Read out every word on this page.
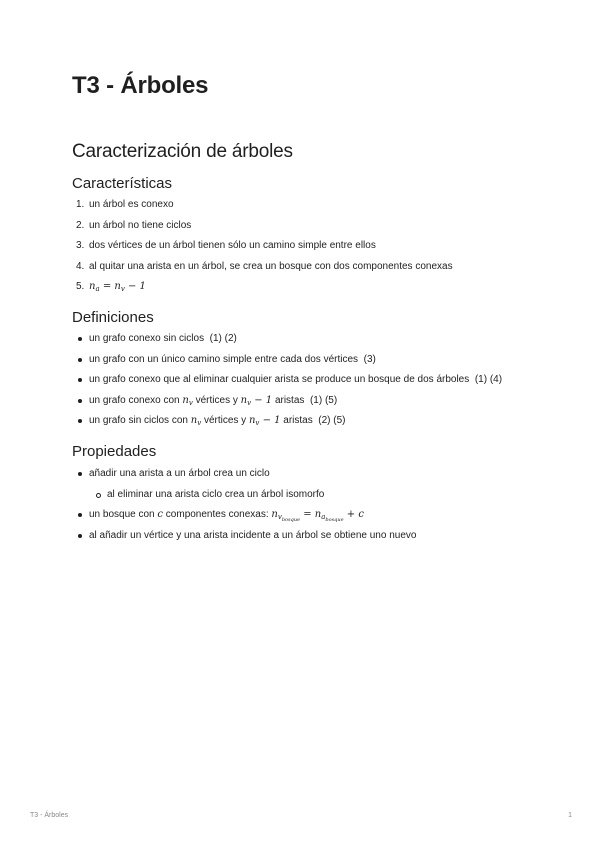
T3 - Árboles
Caracterización de árboles
Características
1. un árbol es conexo
2. un árbol no tiene ciclos
3. dos vértices de un árbol tienen sólo un camino simple entre ellos
4. al quitar una arista en un árbol, se crea un bosque con dos componentes conexas
5. $n_a = n_v - 1$
Definiciones
un grafo conexo sin ciclos (1) (2)
un grafo con un único camino simple entre cada dos vértices (3)
un grafo conexo que al eliminar cualquier arista se produce un bosque de dos árboles (1) (4)
un grafo conexo con $n_v$ vértices y $n_v - 1$ aristas (1) (5)
un grafo sin ciclos con $n_v$ vértices y $n_v - 1$ aristas (2) (5)
Propiedades
añadir una arista a un árbol crea un ciclo
al eliminar una arista ciclo crea un árbol isomorfo
un bosque con c componentes conexas: $n_{v_{bosque}} = n_{a_{bosque}} + c$
al añadir un vértice y una arista incidente a un árbol se obtiene uno nuevo
T3 - Árboles	1
